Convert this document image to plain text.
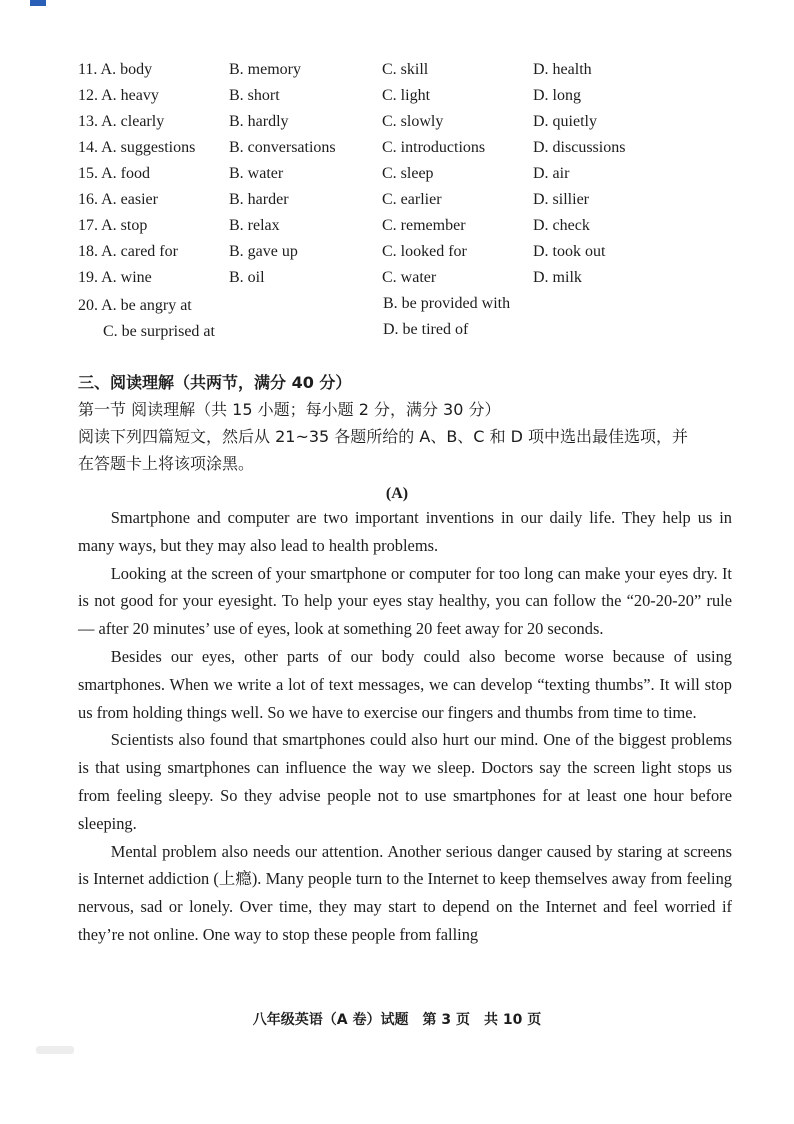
11. A. body	B. memory	C. skill	D. health
12. A. heavy	B. short	C. light	D. long
13. A. clearly	B. hardly	C. slowly	D. quietly
14. A. suggestions B. conversations	C. introductions	D. discussions
15. A. food	B. water	C. sleep	D. air
16. A. easier	B. harder	C. earlier	D. sillier
17. A. stop	B. relax	C. remember	D. check
18. A. cared for	B. gave up	C. looked for	D. took out
19. A. wine	B. oil	C. water	D. milk
20. A. be angry at	B. be provided with
C. be surprised at	D. be tired of
三、阅读理解（共两节，满分 40 分）
第一节 阅读理解（共 15 小题；每小题 2 分，满分 30 分）
阅读下列四篇短文，然后从 21~35 各题所给的 A、B、C 和 D 项中选出最佳选项，并
在答题卡上将该项涂黑。
(A)

Smartphone and computer are two important inventions in our daily life. They help us in many ways, but they may also lead to health problems.

Looking at the screen of your smartphone or computer for too long can make your eyes dry. It is not good for your eyesight. To help your eyes stay healthy, you can follow the “20-20-20” rule — after 20 minutes’ use of eyes, look at something 20 feet away for 20 seconds.

Besides our eyes, other parts of our body could also become worse because of using smartphones. When we write a lot of text messages, we can develop “texting thumbs”. It will stop us from holding things well. So we have to exercise our fingers and thumbs from time to time.

Scientists also found that smartphones could also hurt our mind. One of the biggest problems is that using smartphones can influence the way we sleep. Doctors say the screen light stops us from feeling sleepy. So they advise people not to use smartphones for at least one hour before sleeping.

Mental problem also needs our attention. Another serious danger caused by staring at screens is Internet addiction (上瘾). Many people turn to the Internet to keep themselves away from feeling nervous, sad or lonely. Over time, they may start to depend on the Internet and feel worried if they’re not online. One way to stop these people from falling

八年级英语（A 卷）试题　第 3 页　共 10 页
